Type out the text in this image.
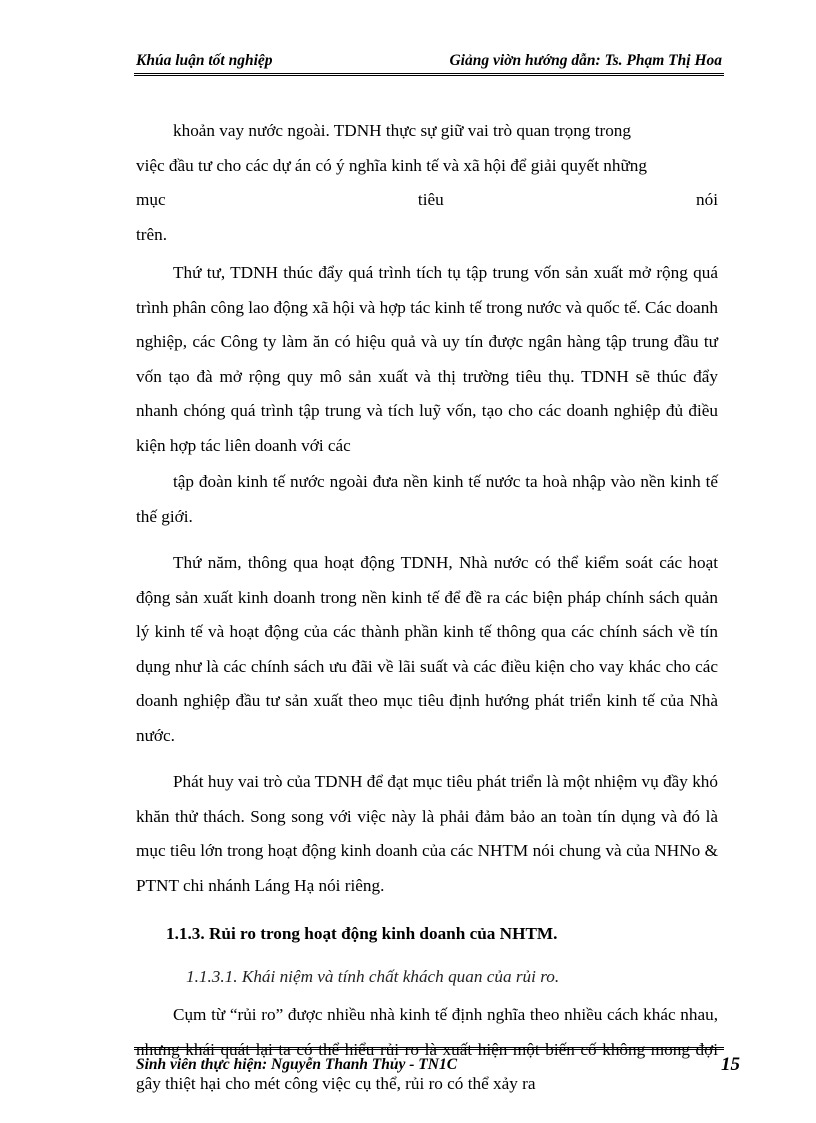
Khúa luận tốt nghiệp	Giảng viờn hướng dẫn: Ts. Phạm Thị Hoa

khoản vay nước ngoài. TDNH thực sự giữ vai trò quan trọng trong

việc đầu tư cho các dự án có ý nghĩa kinh tế và xã hội để giải quyết những

mục tiêu nói trên.

Thứ tư, TDNH thúc đẩy quá trình tích tụ tập trung vốn sản xuất mở rộng quá trình phân công lao động xã hội và hợp tác kinh tế trong nước và quốc tế. Các doanh nghiệp, các Công ty làm ăn có hiệu quả và uy tín được ngân hàng tập trung đầu tư vốn tạo đà mở rộng quy mô sản xuất và thị trường tiêu thụ. TDNH sẽ thúc đẩy nhanh chóng quá trình tập trung và tích luỹ vốn, tạo cho các doanh nghiệp đủ điều kiện hợp tác liên doanh với các

tập đoàn kinh tế nước ngoài đưa nền kinh tế nước ta hoà nhập vào nền kinh tế thế giới.

Thứ năm, thông qua hoạt động TDNH, Nhà nước có thể kiểm soát các hoạt động sản xuất kinh doanh trong nền kinh tế để đề ra các biện pháp chính sách quản lý kinh tế và hoạt động của các thành phần kinh tế thông qua các chính sách về tín dụng như là các chính sách ưu đãi về lãi suất và các điều kiện cho vay khác cho các doanh nghiệp đầu tư sản xuất theo mục tiêu định hướng phát triển kinh tế của Nhà nước.

Phát huy vai trò của TDNH để đạt mục tiêu phát triển là một nhiệm vụ đầy khó khăn thử thách. Song song với việc này là phải đảm bảo an toàn tín dụng và đó là mục tiêu lớn trong hoạt động kinh doanh của các NHTM nói chung và của NHNo & PTNT chi nhánh Láng Hạ nói riêng.

1.1.3. Rủi ro trong hoạt động kinh doanh của NHTM.

1.1.3.1. Khái niệm và tính chất khách quan của rủi ro.

Cụm từ “rủi ro” được nhiều nhà kinh tế định nghĩa theo nhiều cách khác nhau, nhưng khái quát lại ta có thể hiểu rủi ro là xuất hiện một biến cố không mong đợi gây thiệt hại cho mét công việc cụ thể, rủi ro có thể xảy ra

Sinh viên thực hiện: Nguyễn Thanh Thủy - TN1C	15
